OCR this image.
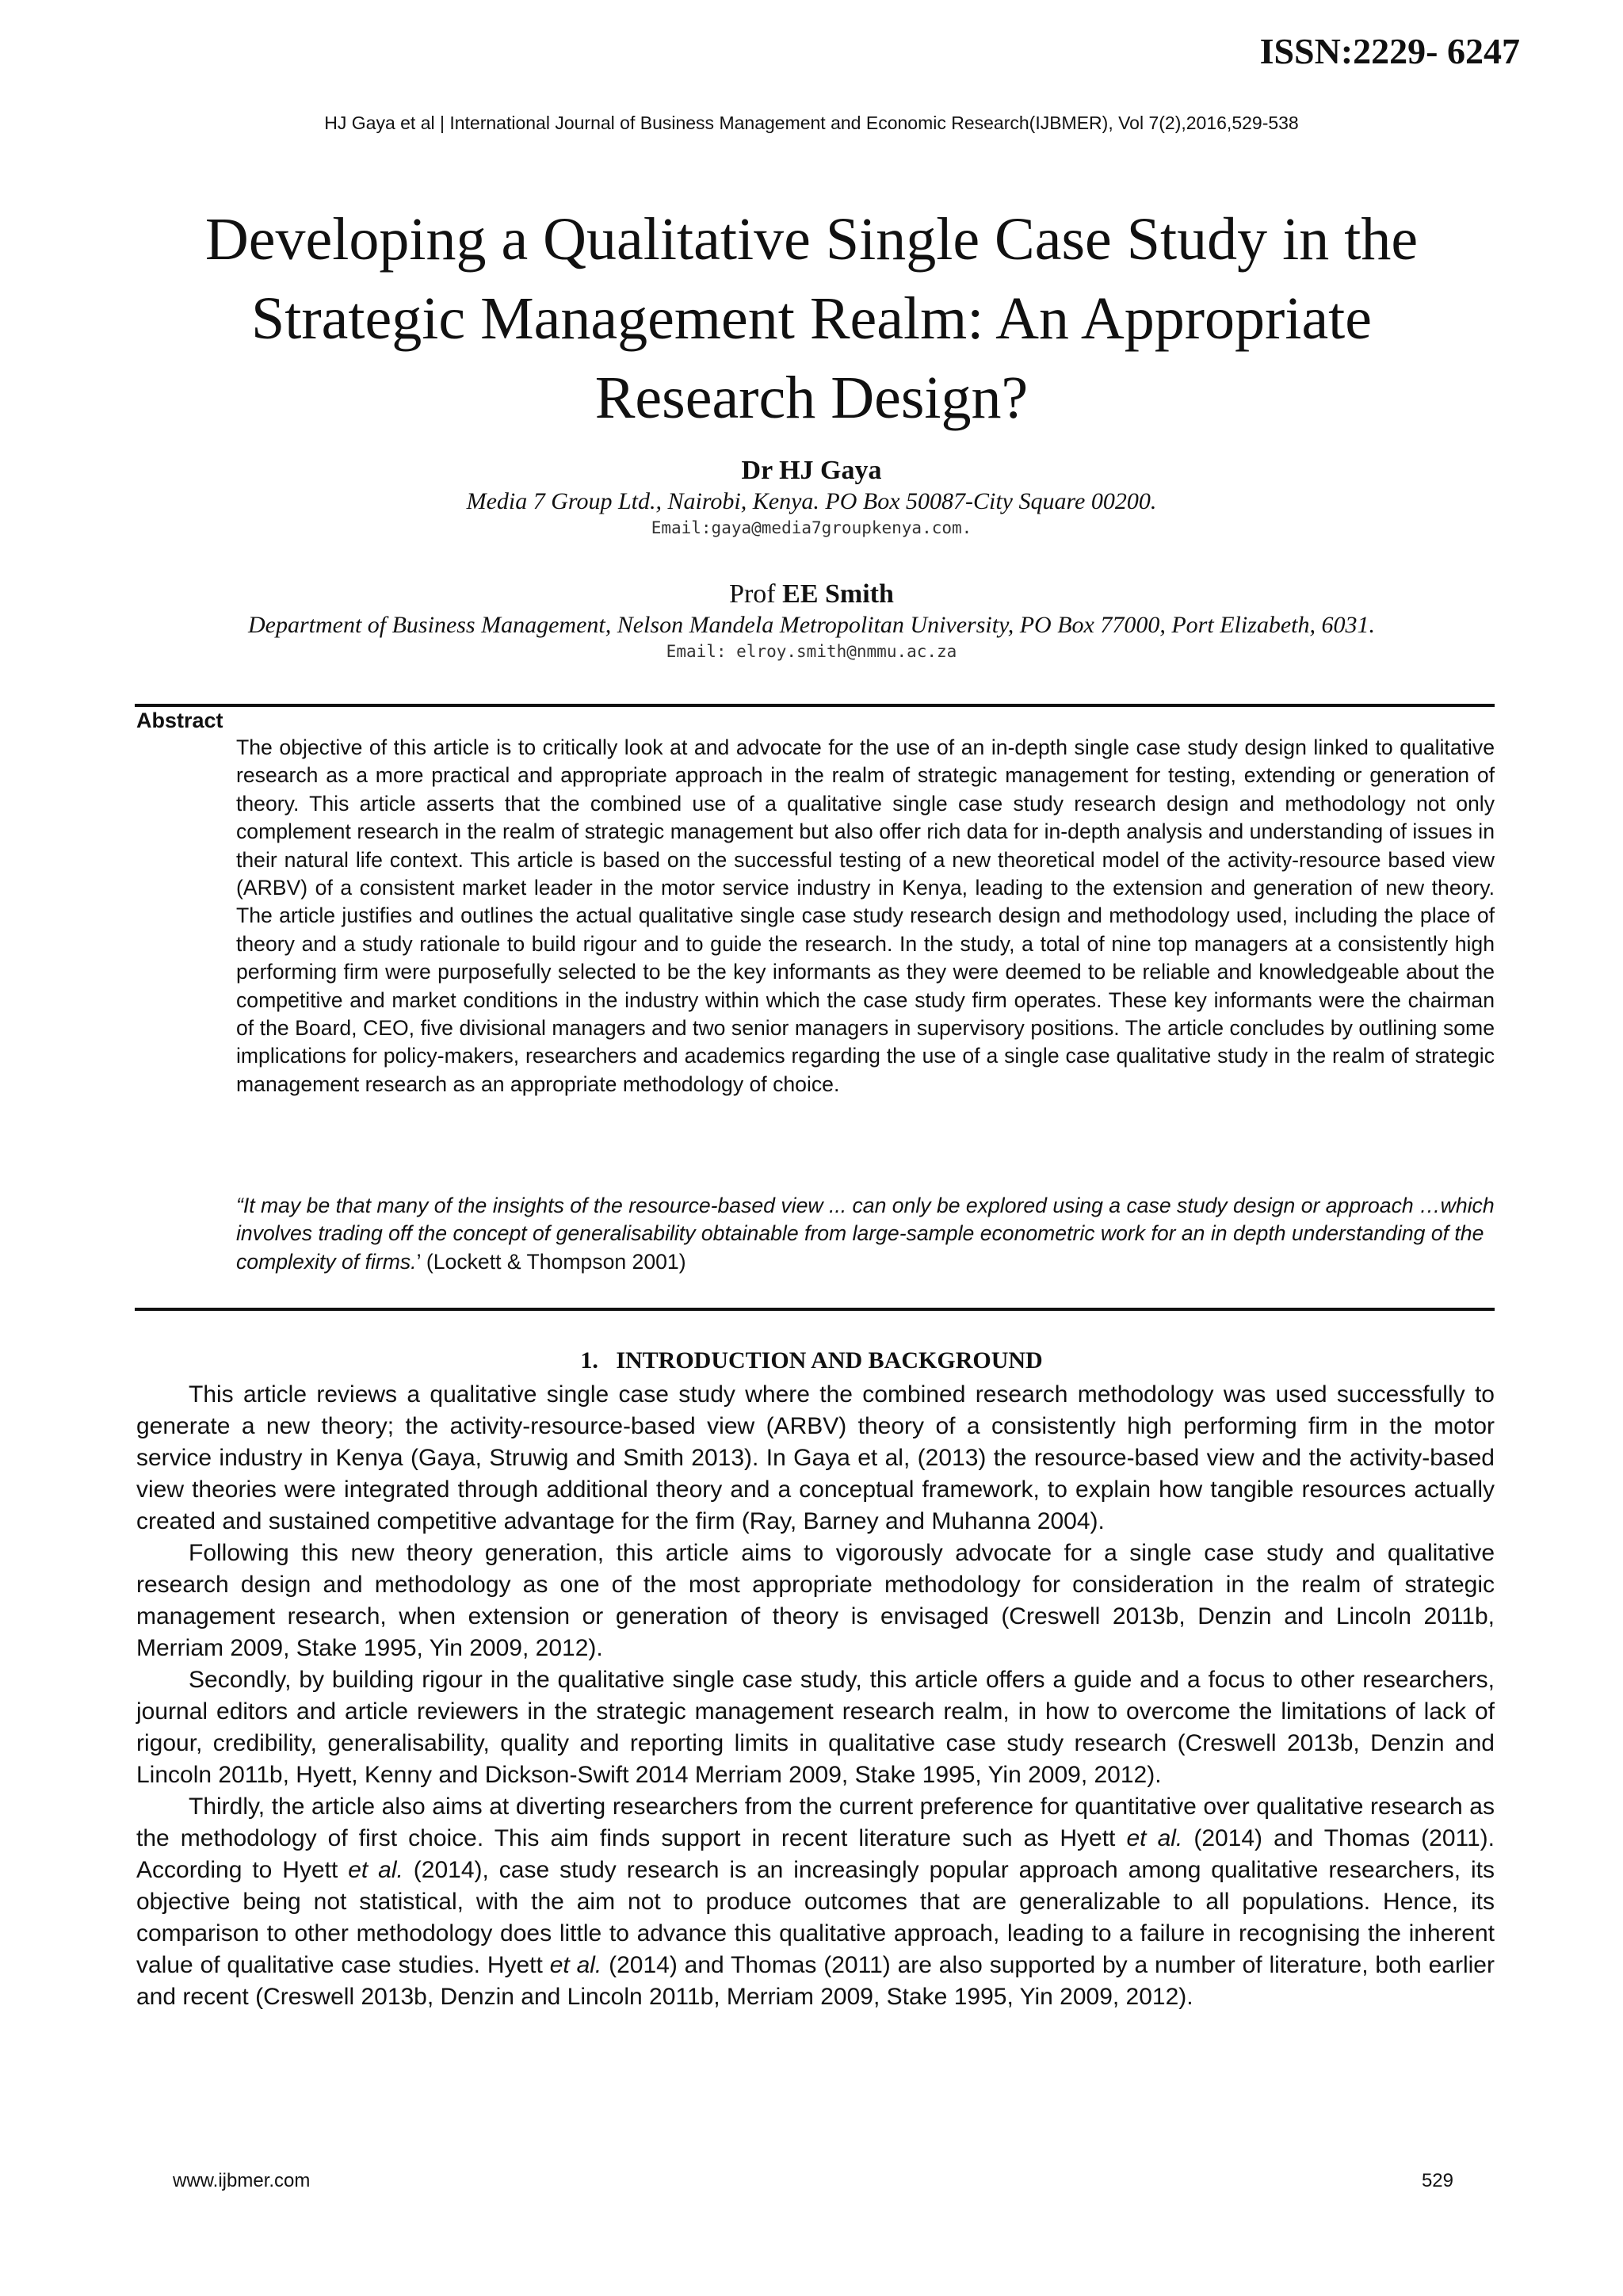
ISSN:2229- 6247
HJ Gaya et al | International Journal of Business Management and Economic Research(IJBMER), Vol 7(2),2016,529-538
Developing a Qualitative Single Case Study in the
Strategic Management Realm: An Appropriate
Research Design?
Dr HJ Gaya
Media 7 Group Ltd., Nairobi, Kenya. PO Box 50087-City Square 00200.
Email:gaya@media7groupkenya.com.
Prof EE Smith
Department of Business Management, Nelson Mandela Metropolitan University, PO Box 77000, Port Elizabeth, 6031.
Email: elroy.smith@nmmu.ac.za
Abstract

The objective of this article is to critically look at and advocate for the use of an in-depth single case study design linked to qualitative research as a more practical and appropriate approach in the realm of strategic management for testing, extending or generation of theory. This article asserts that the combined use of a qualitative single case study research design and methodology not only complement research in the realm of strategic management but also offer rich data for in-depth analysis and understanding of issues in their natural life context. This article is based on the successful testing of a new theoretical model of the activity-resource based view (ARBV) of a consistent market leader in the motor service industry in Kenya, leading to the extension and generation of new theory. The article justifies and outlines the actual qualitative single case study research design and methodology used, including the place of theory and a study rationale to build rigour and to guide the research. In the study, a total of nine top managers at a consistently high performing firm were purposefully selected to be the key informants as they were deemed to be reliable and knowledgeable about the competitive and market conditions in the industry within which the case study firm operates. These key informants were the chairman of the Board, CEO, five divisional managers and two senior managers in supervisory positions. The article concludes by outlining some implications for policy-makers, researchers and academics regarding the use of a single case qualitative study in the realm of strategic management research as an appropriate methodology of choice.

“It may be that many of the insights of the resource-based view ... can only be explored using a case study design or approach …which involves trading off the concept of generalisability obtainable from large-sample econometric work for an in depth understanding of the complexity of firms.’ (Lockett & Thompson 2001)

1. INTRODUCTION AND BACKGROUND

This article reviews a qualitative single case study where the combined research methodology was used successfully to generate a new theory; the activity-resource-based view (ARBV) theory of a consistently high performing firm in the motor service industry in Kenya (Gaya, Struwig and Smith 2013). In Gaya et al, (2013) the resource-based view and the activity-based view theories were integrated through additional theory and a conceptual framework, to explain how tangible resources actually created and sustained competitive advantage for the firm (Ray, Barney and Muhanna 2004).

Following this new theory generation, this article aims to vigorously advocate for a single case study and qualitative research design and methodology as one of the most appropriate methodology for consideration in the realm of strategic management research, when extension or generation of theory is envisaged (Creswell 2013b, Denzin and Lincoln 2011b, Merriam 2009, Stake 1995, Yin 2009, 2012).

Secondly, by building rigour in the qualitative single case study, this article offers a guide and a focus to other researchers, journal editors and article reviewers in the strategic management research realm, in how to overcome the limitations of lack of rigour, credibility, generalisability, quality and reporting limits in qualitative case study research (Creswell 2013b, Denzin and Lincoln 2011b, Hyett, Kenny and Dickson-Swift 2014 Merriam 2009, Stake 1995, Yin 2009, 2012).

Thirdly, the article also aims at diverting researchers from the current preference for quantitative over qualitative research as the methodology of first choice. This aim finds support in recent literature such as Hyett et al. (2014) and Thomas (2011). According to Hyett et al. (2014), case study research is an increasingly popular approach among qualitative researchers, its objective being not statistical, with the aim not to produce outcomes that are generalizable to all populations. Hence, its comparison to other methodology does little to advance this qualitative approach, leading to a failure in recognising the inherent value of qualitative case studies. Hyett et al. (2014) and Thomas (2011) are also supported by a number of literature, both earlier and recent (Creswell 2013b, Denzin and Lincoln 2011b, Merriam 2009, Stake 1995, Yin 2009, 2012).

www.ijbmer.com	529
